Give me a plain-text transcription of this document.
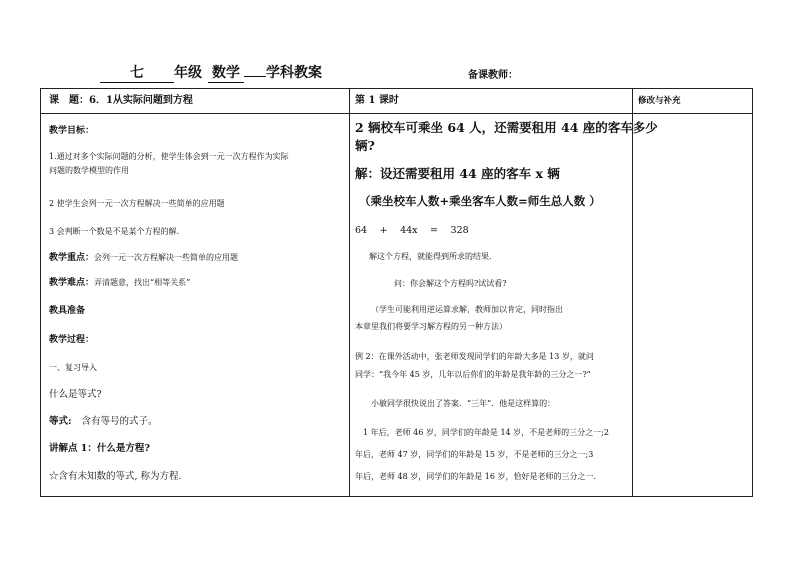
七 年级 数学 学科教案	备课教师：
课　题：6．1从实际问题到方程	第 1 课时	修改与补充
教学目标：
1.通过对多个实际问题的分析，使学生体会到一元一次方程作为实际
问题的数学模型的作用
2 使学生会列一元一次方程解决一些简单的应用题
3 会判断一个数是不是某个方程的解.
教学重点：会列一元一次方程解决一些简单的应用题
教学难点：弄清题意，找出“相等关系”
教具准备
教学过程：
一、复习导入
什么是等式?
等式: 含有等号的式子。
讲解点 1：什么是方程?
☆含有未知数的等式, 称为方程.
2 辆校车可乘坐 64 人，还需要租用 44 座的客车多少
辆?
解：设还需要租用 44 座的客车 x 辆
（乘坐校车人数+乘坐客车人数=师生总人数 ）
64　 +　 44x　 =　 328
解这个方程，就能得到所求的结果．
问：你会解这个方程吗?试试看?
（学生可能利用逆运算求解，教师加以肯定，同时指出
本章里我们将要学习解方程的另一种方法）
例 2：在课外活动中，张老师发现同学们的年龄大多是 13 岁，就问
同学：“我今年 45 岁，几年以后你们的年龄是我年龄的三分之一?”
小敏同学很快说出了答案．“三年”．他是这样算的：
1 年后，老师 46 岁，同学们的年龄是 14 岁，不是老师的三分之一;2
年后，老师 47 岁，同学们的年龄是 15 岁，不是老师的三分之一;3
年后，老师 48 岁，同学们的年龄是 16 岁，恰好是老师的三分之一.
